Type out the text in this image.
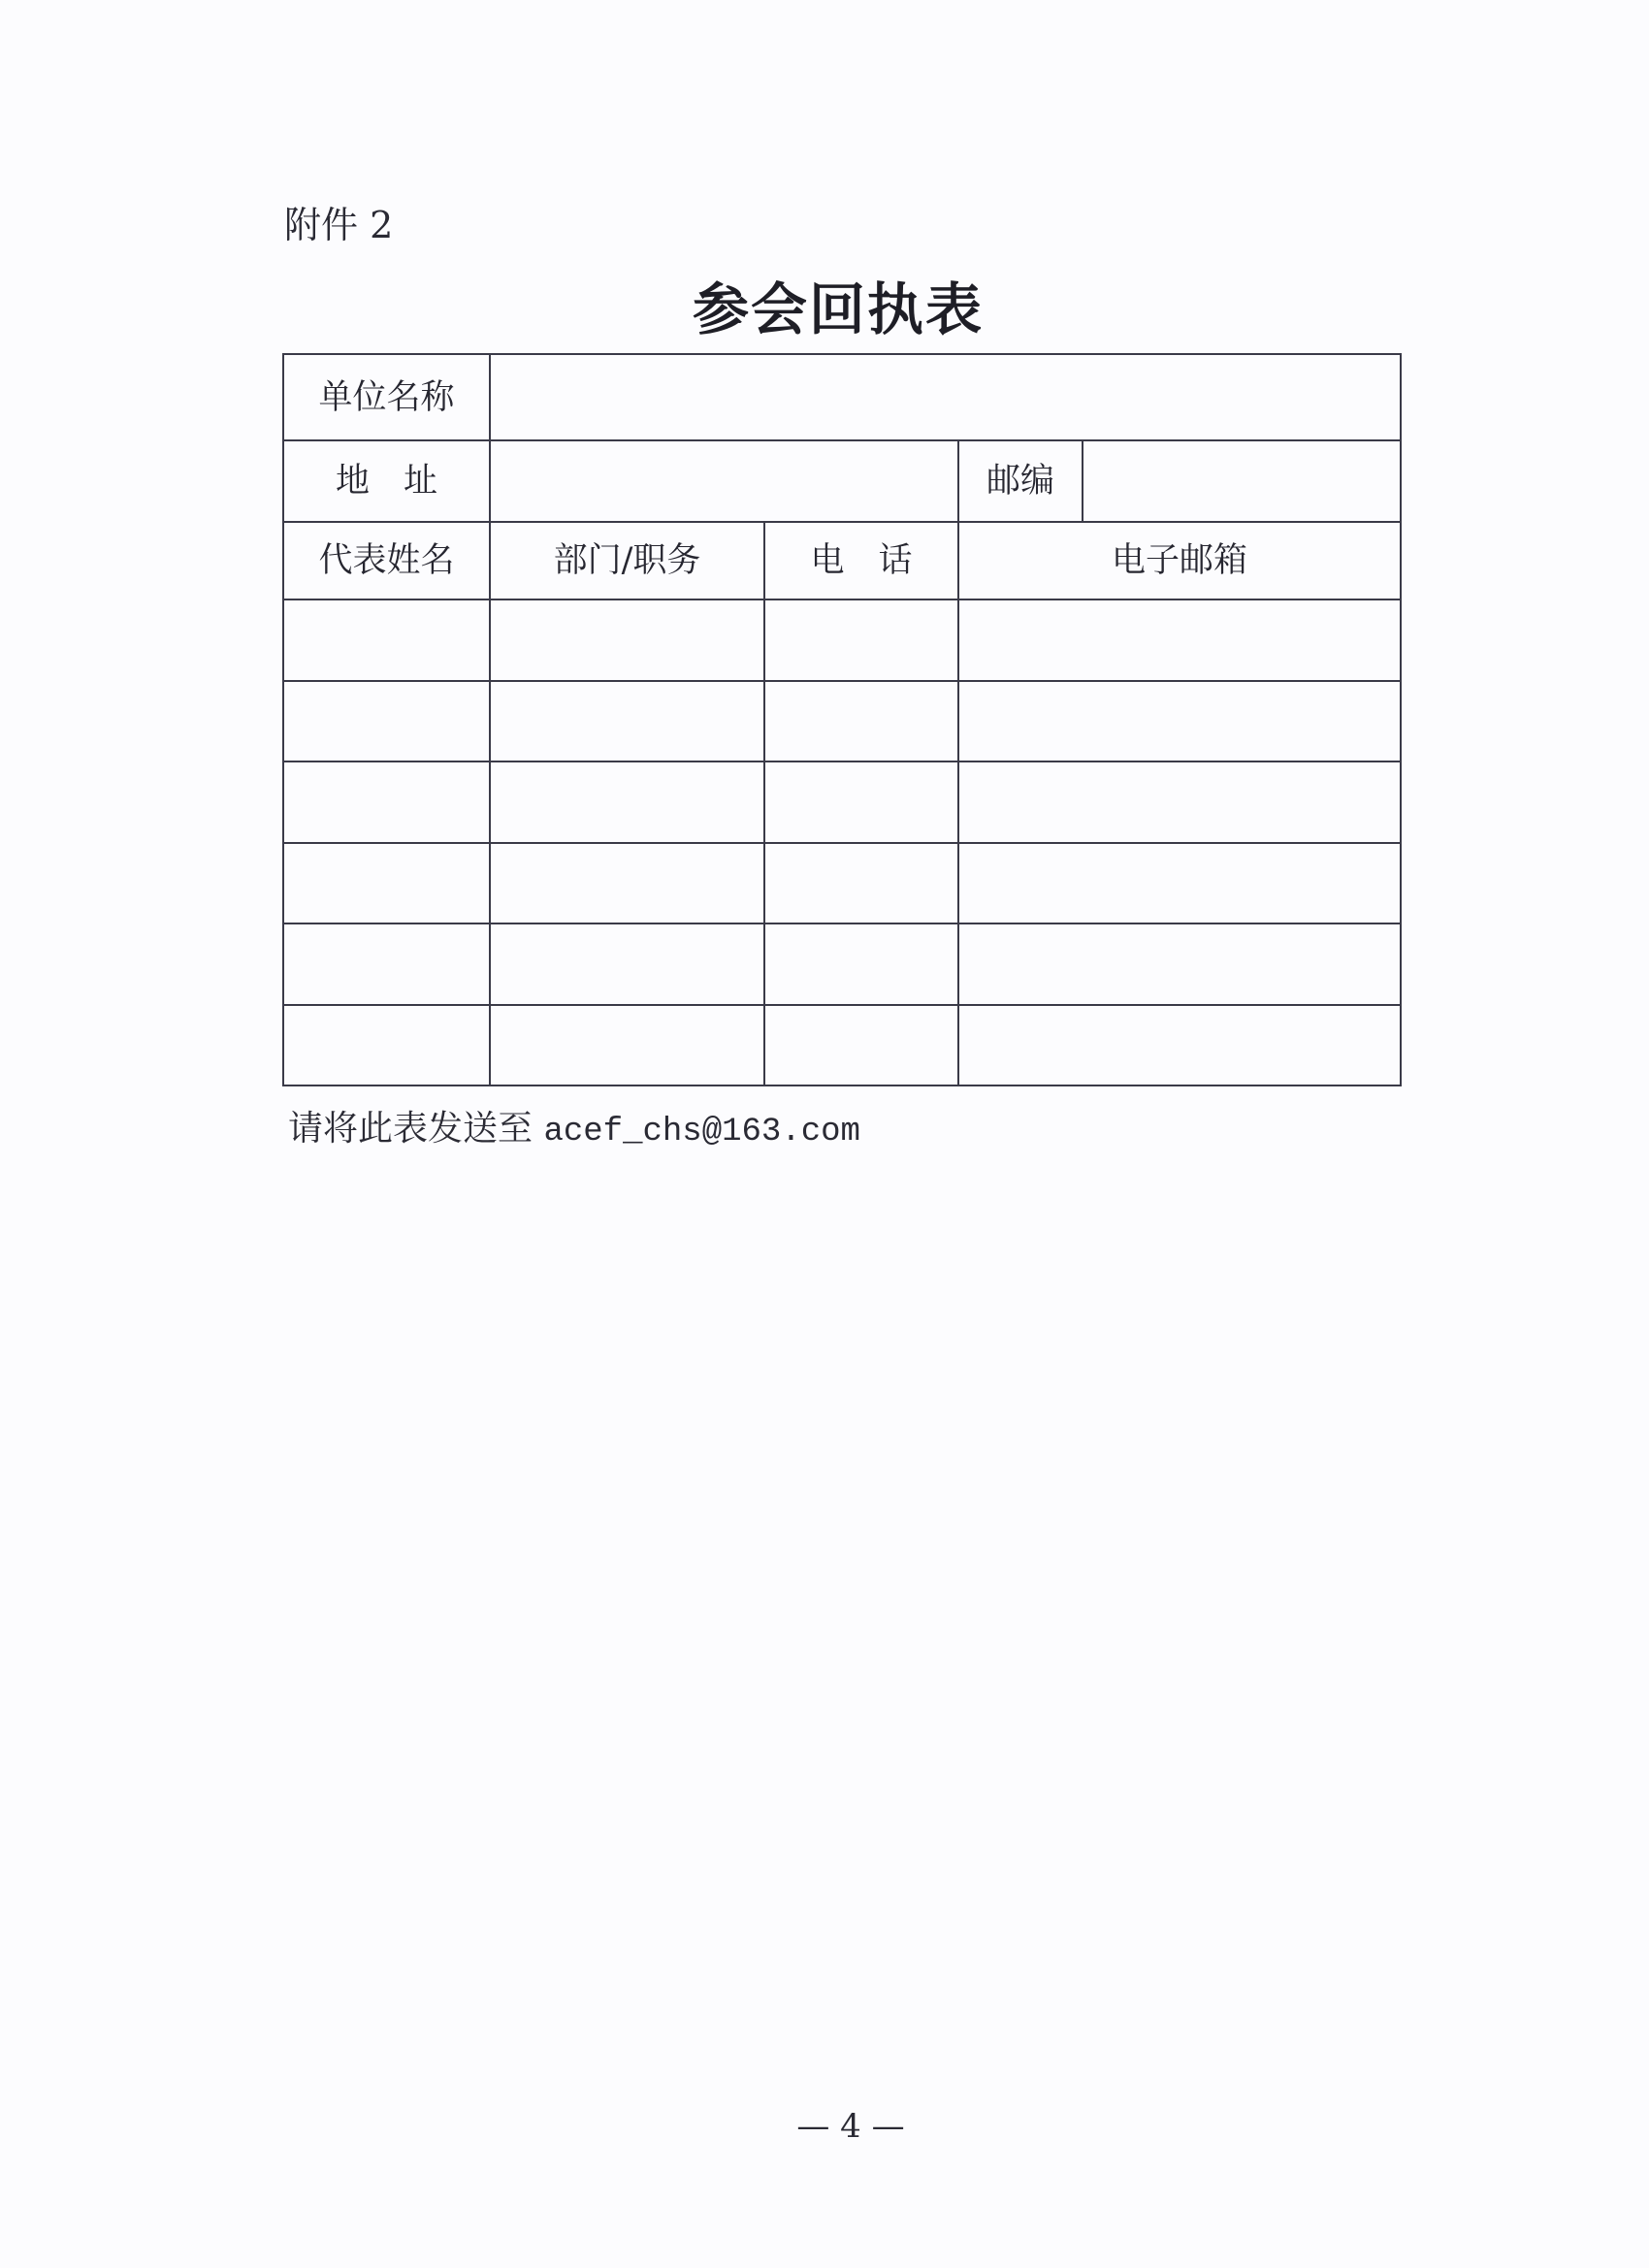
附件 2
参会回执表
单位名称				
地　址			邮编	
代表姓名	部门/职务	电　话	电子邮箱	

请将此表发送至 acef_chs@163.com
— 4 —
